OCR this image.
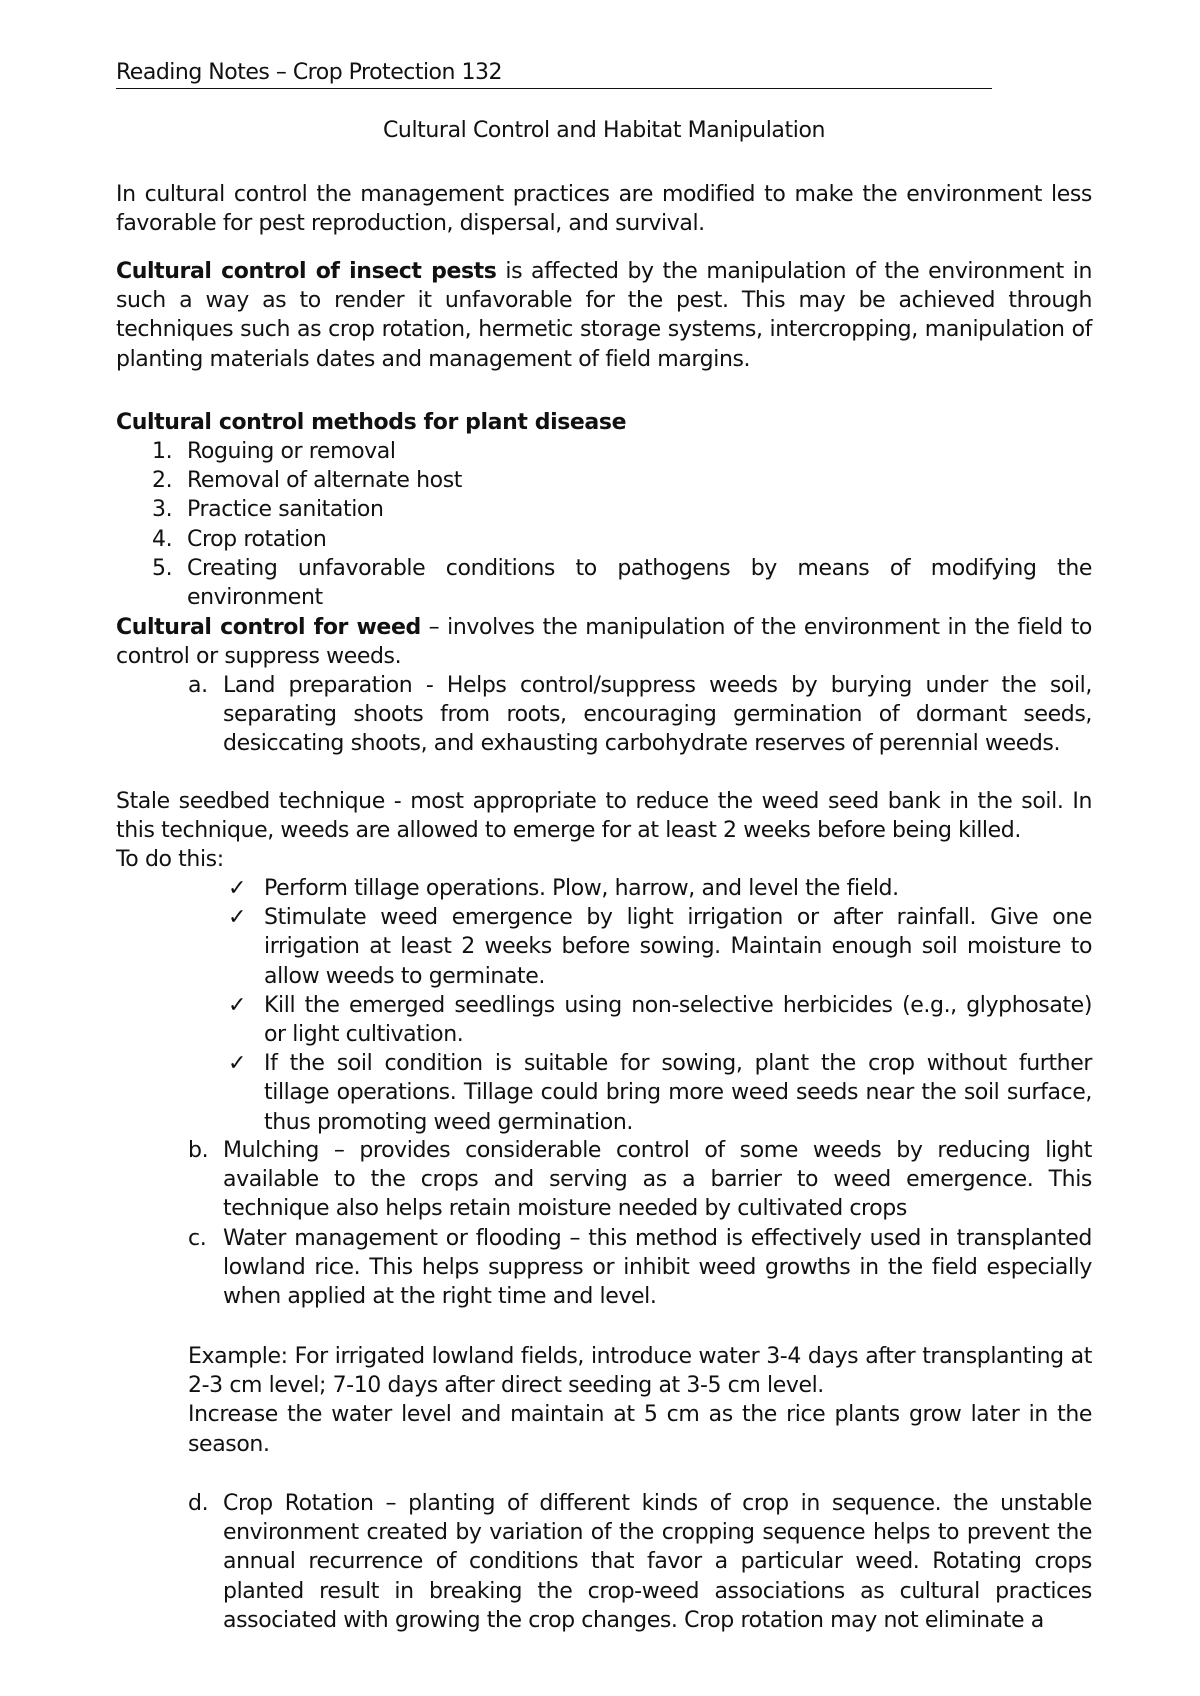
Reading Notes – Crop Protection 132
Cultural Control and Habitat Manipulation
In cultural control the management practices are modified to make the environment less favorable for pest reproduction, dispersal, and survival.
Cultural control of insect pests is affected by the manipulation of the environment in such a way as to render it unfavorable for the pest. This may be achieved through techniques such as crop rotation, hermetic storage systems, intercropping, manipulation of planting materials dates and management of field margins.
Cultural control methods for plant disease
1. Roguing or removal
2. Removal of alternate host
3. Practice sanitation
4. Crop rotation
5. Creating unfavorable conditions to pathogens by means of modifying the environment
Cultural control for weed – involves the manipulation of the environment in the field to control or suppress weeds.
a. Land preparation - Helps control/suppress weeds by burying under the soil, separating shoots from roots, encouraging germination of dormant seeds, desiccating shoots, and exhausting carbohydrate reserves of perennial weeds.
Stale seedbed technique - most appropriate to reduce the weed seed bank in the soil. In this technique, weeds are allowed to emerge for at least 2 weeks before being killed.
To do this:
✓ Perform tillage operations. Plow, harrow, and level the field.
✓ Stimulate weed emergence by light irrigation or after rainfall. Give one irrigation at least 2 weeks before sowing. Maintain enough soil moisture to allow weeds to germinate.
✓ Kill the emerged seedlings using non-selective herbicides (e.g., glyphosate) or light cultivation.
✓ If the soil condition is suitable for sowing, plant the crop without further tillage operations. Tillage could bring more weed seeds near the soil surface, thus promoting weed germination.
b. Mulching – provides considerable control of some weeds by reducing light available to the crops and serving as a barrier to weed emergence. This technique also helps retain moisture needed by cultivated crops
c. Water management or flooding – this method is effectively used in transplanted lowland rice. This helps suppress or inhibit weed growths in the field especially when applied at the right time and level.
Example: For irrigated lowland fields, introduce water 3-4 days after transplanting at 2-3 cm level; 7-10 days after direct seeding at 3-5 cm level.
Increase the water level and maintain at 5 cm as the rice plants grow later in the season.
d. Crop Rotation – planting of different kinds of crop in sequence. the unstable environment created by variation of the cropping sequence helps to prevent the annual recurrence of conditions that favor a particular weed. Rotating crops planted result in breaking the crop-weed associations as cultural practices associated with growing the crop changes. Crop rotation may not eliminate a
